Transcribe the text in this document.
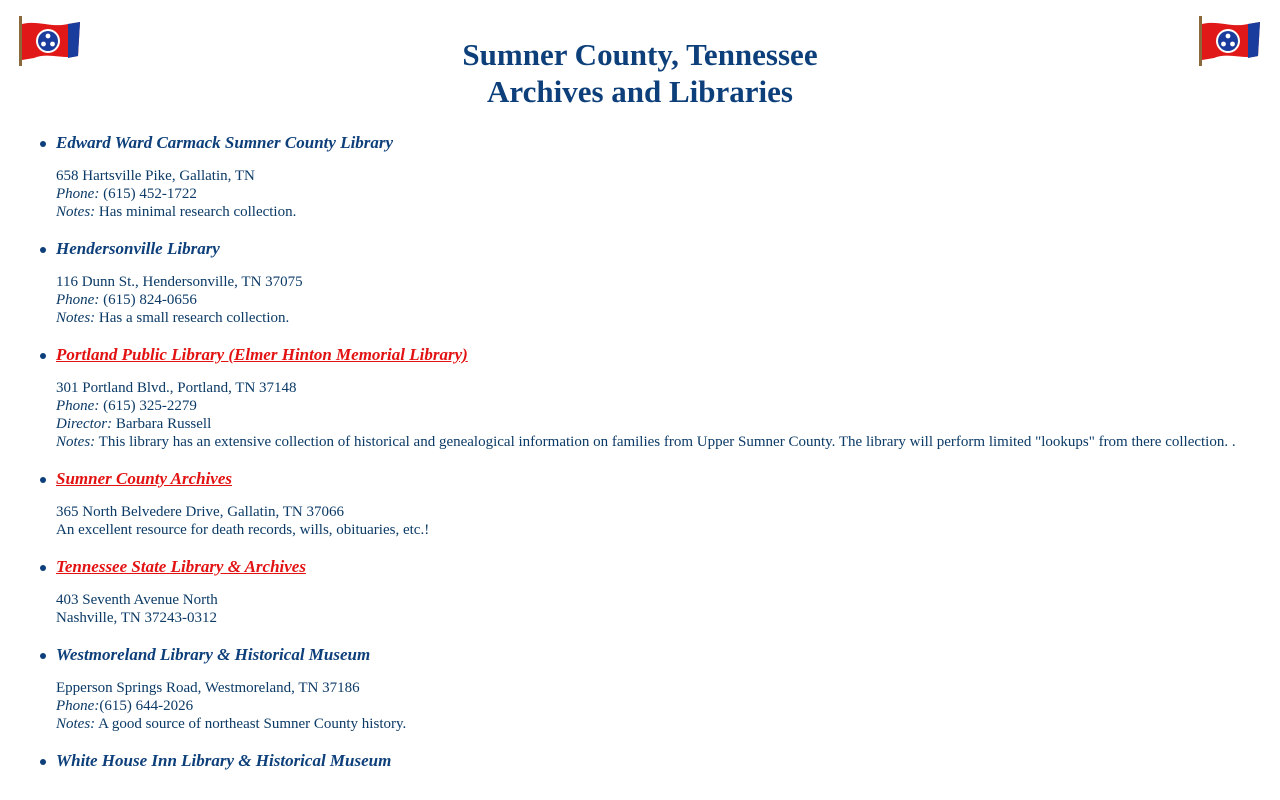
Sumner County, Tennessee
Archives and Libraries
Edward Ward Carmack Sumner County Library
658 Hartsville Pike, Gallatin, TN
Phone: (615) 452-1722
Notes: Has minimal research collection.
Hendersonville Library
116 Dunn St., Hendersonville, TN 37075
Phone: (615) 824-0656
Notes: Has a small research collection.
Portland Public Library (Elmer Hinton Memorial Library)
301 Portland Blvd., Portland, TN 37148
Phone: (615) 325-2279
Director: Barbara Russell
Notes: This library has an extensive collection of historical and genealogical information on families from Upper Sumner County. The library will perform limited "lookups" from there collection. .
Sumner County Archives
365 North Belvedere Drive, Gallatin, TN 37066
An excellent resource for death records, wills, obituaries, etc.!
Tennessee State Library & Archives
403 Seventh Avenue North
Nashville, TN 37243-0312
Westmoreland Library & Historical Museum
Epperson Springs Road, Westmoreland, TN 37186
Phone:(615) 644-2026
Notes: A good source of northeast Sumner County history.
White House Inn Library & Historical Museum
